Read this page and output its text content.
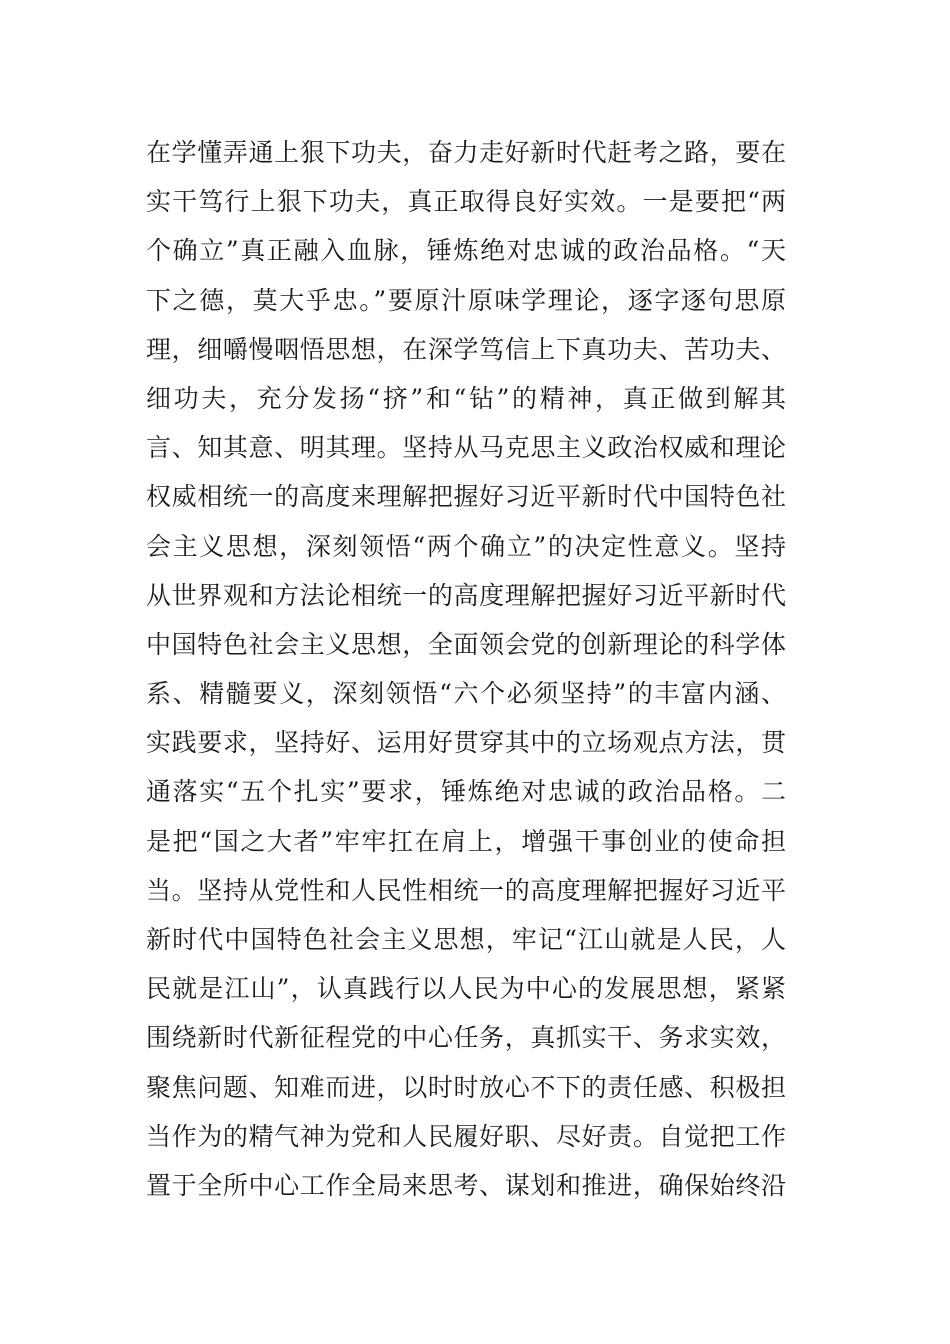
在学懂弄通上狠下功夫，奋力走好新时代赶考之路，要在
实干笃行上狠下功夫，真正取得良好实效。一是要把“两
个确立”真正融入血脉，锤炼绝对忠诚的政治品格。“天
下之德，莫大乎忠。”要原汁原味学理论，逐字逐句思原
理，细嚼慢咽悟思想，在深学笃信上下真功夫、苦功夫、
细功夫，充分发扬“挤”和“钻”的精神，真正做到解其
言、知其意、明其理。坚持从马克思主义政治权威和理论
权威相统一的高度来理解把握好习近平新时代中国特色社
会主义思想，深刻领悟“两个确立”的决定性意义。坚持
从世界观和方法论相统一的高度理解把握好习近平新时代
中国特色社会主义思想，全面领会党的创新理论的科学体
系、精髓要义，深刻领悟“六个必须坚持”的丰富内涵、
实践要求，坚持好、运用好贯穿其中的立场观点方法，贯
通落实“五个扎实”要求，锤炼绝对忠诚的政治品格。二
是把“国之大者”牢牢扛在肩上，增强干事创业的使命担
当。坚持从党性和人民性相统一的高度理解把握好习近平
新时代中国特色社会主义思想，牢记“江山就是人民，人
民就是江山”，认真践行以人民为中心的发展思想，紧紧
围绕新时代新征程党的中心任务，真抓实干、务求实效，
聚焦问题、知难而进，以时时放心不下的责任感、积极担
当作为的精气神为党和人民履好职、尽好责。自觉把工作
置于全所中心工作全局来思考、谋划和推进，确保始终沿
